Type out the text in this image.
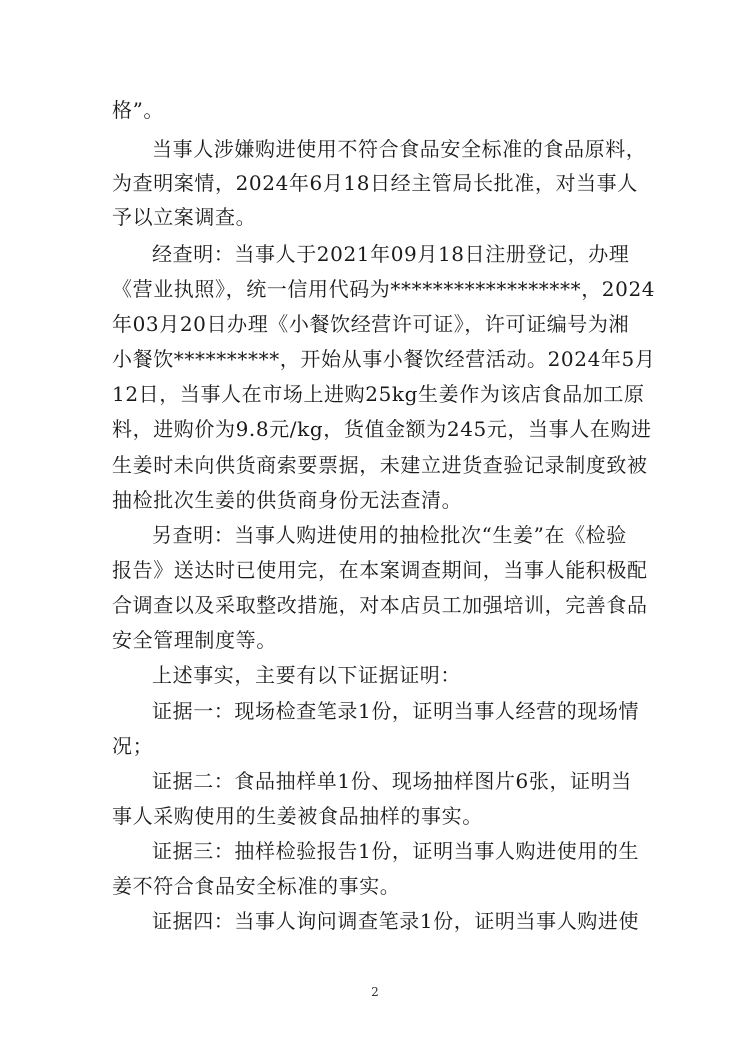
格”。
当事人涉嫌购进使用不符合食品安全标准的食品原料，
为查明案情，2024年6月18日经主管局长批准，对当事人
予以立案调查。
经查明：当事人于2021年09月18日注册登记，办理
《营业执照》，统一信用代码为******************，2024
年03月20日办理《小餐饮经营许可证》，许可证编号为湘
小餐饮**********，开始从事小餐饮经营活动。2024年5月
12日，当事人在市场上进购25kg生姜作为该店食品加工原
料，进购价为9.8元/kg，货值金额为245元，当事人在购进
生姜时未向供货商索要票据，未建立进货查验记录制度致被
抽检批次生姜的供货商身份无法查清。
另查明：当事人购进使用的抽检批次“生姜”在《检验
报告》送达时已使用完，在本案调查期间，当事人能积极配
合调查以及采取整改措施，对本店员工加强培训，完善食品
安全管理制度等。
上述事实，主要有以下证据证明：
证据一：现场检查笔录1份，证明当事人经营的现场情
况；
证据二：食品抽样单1份、现场抽样图片6张，证明当
事人采购使用的生姜被食品抽样的事实。
证据三：抽样检验报告1份，证明当事人购进使用的生
姜不符合食品安全标准的事实。
证据四：当事人询问调查笔录1份，证明当事人购进使
2
